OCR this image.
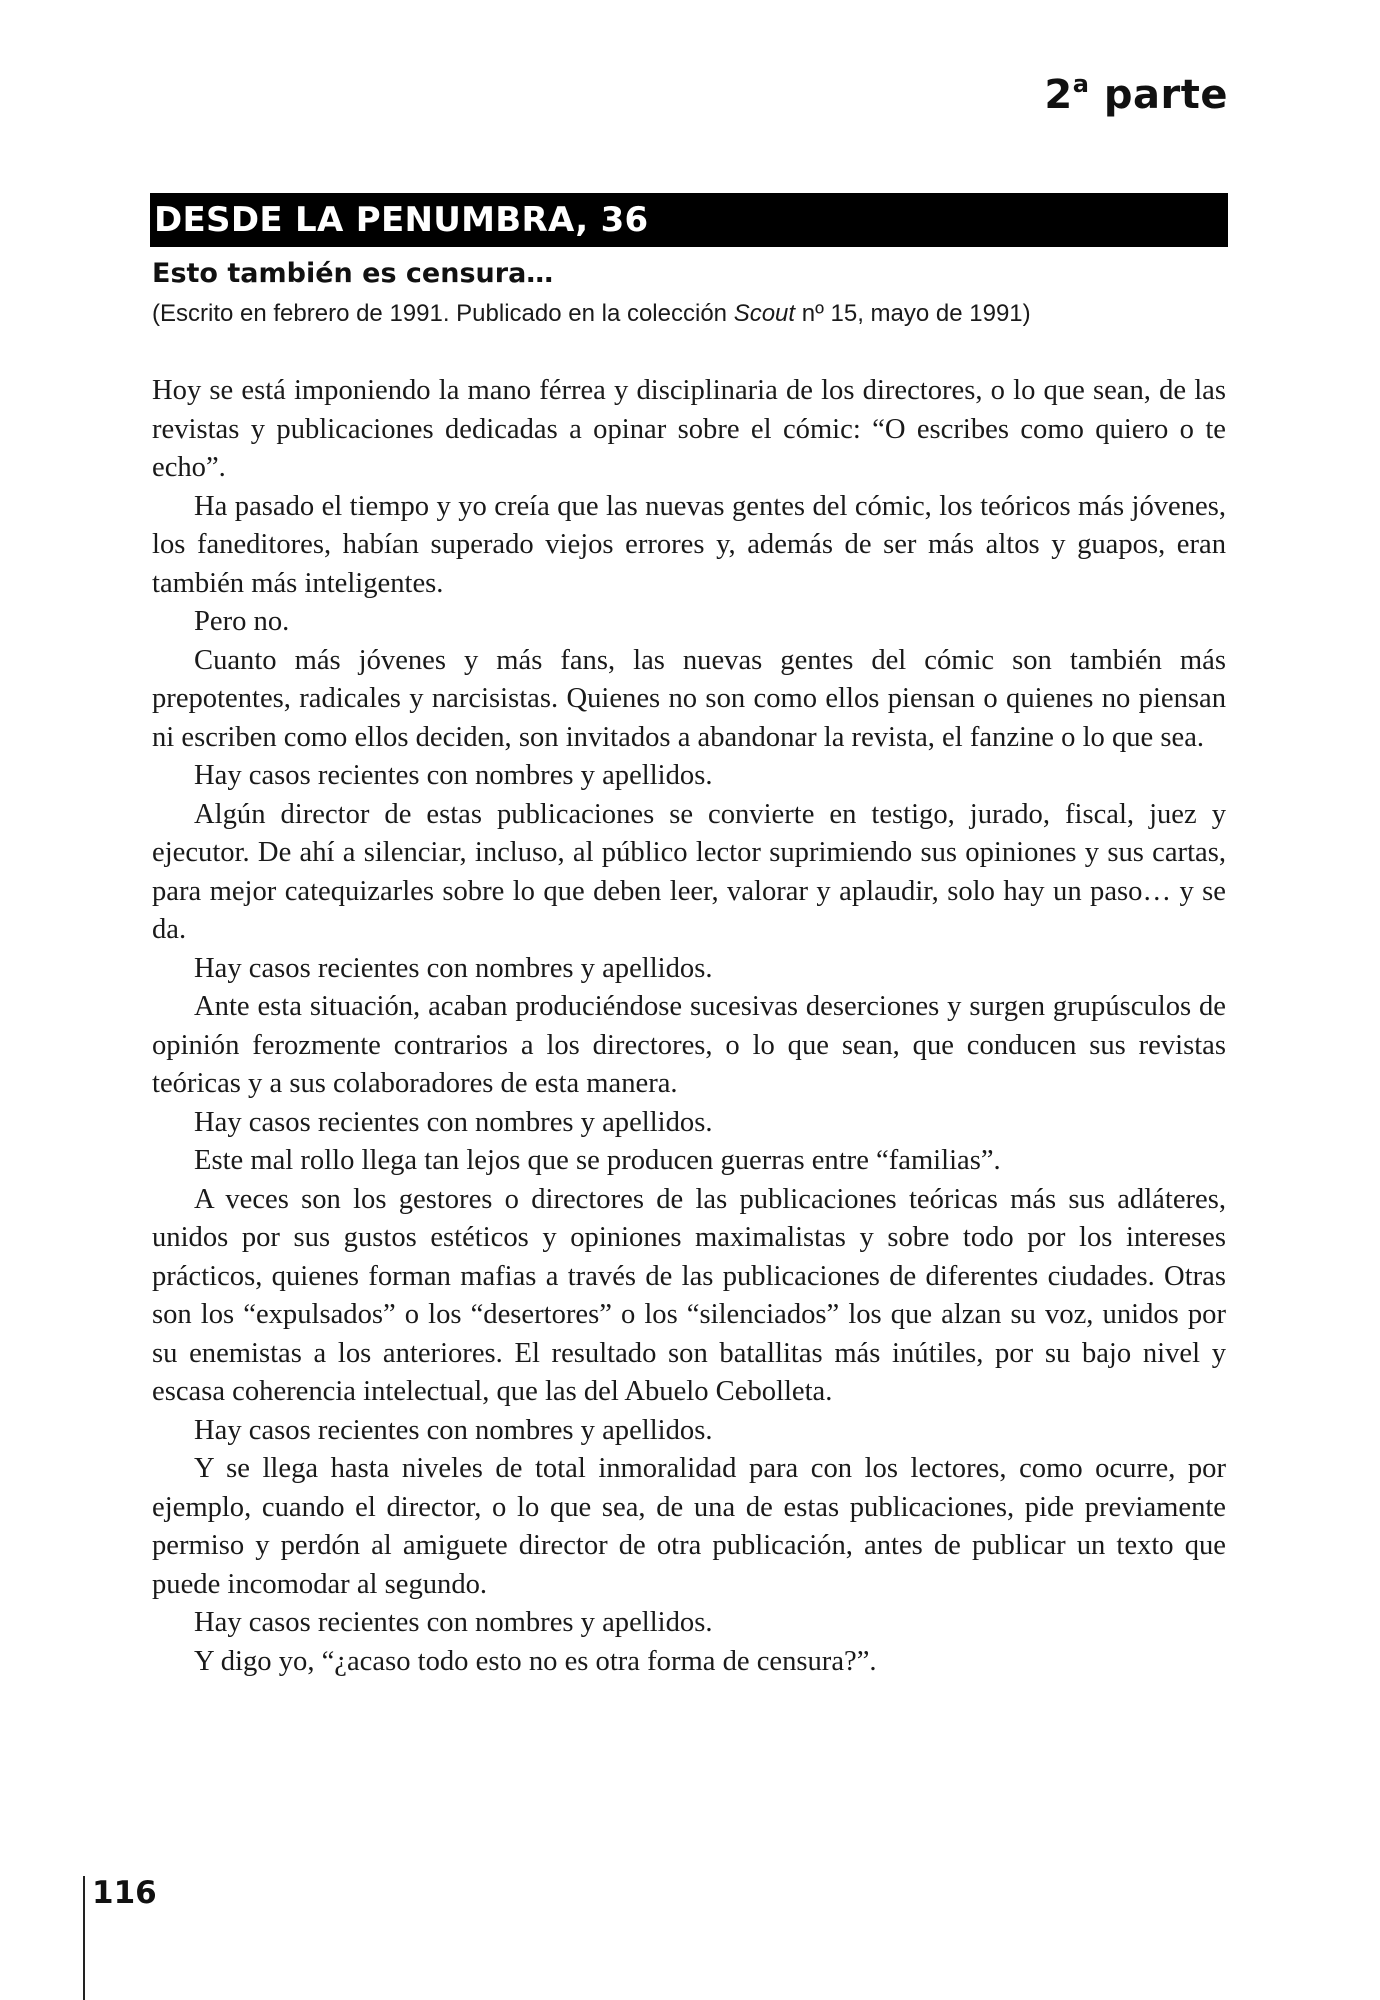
2$^a$ parte
DESDE LA PENUMBRA, 36
Esto también es censura…
(Escrito en febrero de 1991. Publicado en la colección Scout nº 15, mayo de 1991)

Hoy se está imponiendo la mano férrea y disciplinaria de los directores, o lo que sean, de las revistas y publicaciones dedicadas a opinar sobre el cómic: “O escribes como quiero o te echo”.

Ha pasado el tiempo y yo creía que las nuevas gentes del cómic, los teóricos más jóvenes, los faneditores, habían superado viejos errores y, además de ser más altos y guapos, eran también más inteligentes.

Pero no.

Cuanto más jóvenes y más fans, las nuevas gentes del cómic son también más prepotentes, radicales y narcisistas. Quienes no son como ellos piensan o quienes no piensan ni escriben como ellos deciden, son invitados a abandonar la revista, el fanzine o lo que sea.

Hay casos recientes con nombres y apellidos.

Algún director de estas publicaciones se convierte en testigo, jurado, fiscal, juez y ejecutor. De ahí a silenciar, incluso, al público lector suprimiendo sus opiniones y sus cartas, para mejor catequizarles sobre lo que deben leer, valorar y aplaudir, solo hay un paso… y se da.

Hay casos recientes con nombres y apellidos.

Ante esta situación, acaban produciéndose sucesivas deserciones y surgen grupúsculos de opinión ferozmente contrarios a los directores, o lo que sean, que conducen sus revistas teóricas y a sus colaboradores de esta manera.

Hay casos recientes con nombres y apellidos.

Este mal rollo llega tan lejos que se producen guerras entre “familias”.

A veces son los gestores o directores de las publicaciones teóricas más sus adláteres, unidos por sus gustos estéticos y opiniones maximalistas y sobre todo por los intereses prácticos, quienes forman mafias a través de las publicaciones de diferentes ciudades. Otras son los “expulsados” o los “desertores” o los “silenciados” los que alzan su voz, unidos por su enemistas a los anteriores. El resultado son batallitas más inútiles, por su bajo nivel y escasa coherencia intelectual, que las del Abuelo Cebolleta.

Hay casos recientes con nombres y apellidos.

Y se llega hasta niveles de total inmoralidad para con los lectores, como ocurre, por ejemplo, cuando el director, o lo que sea, de una de estas publicaciones, pide previamente permiso y perdón al amiguete director de otra publicación, antes de publicar un texto que puede incomodar al segundo.

Hay casos recientes con nombres y apellidos.

Y digo yo, “¿acaso todo esto no es otra forma de censura?”.

116
